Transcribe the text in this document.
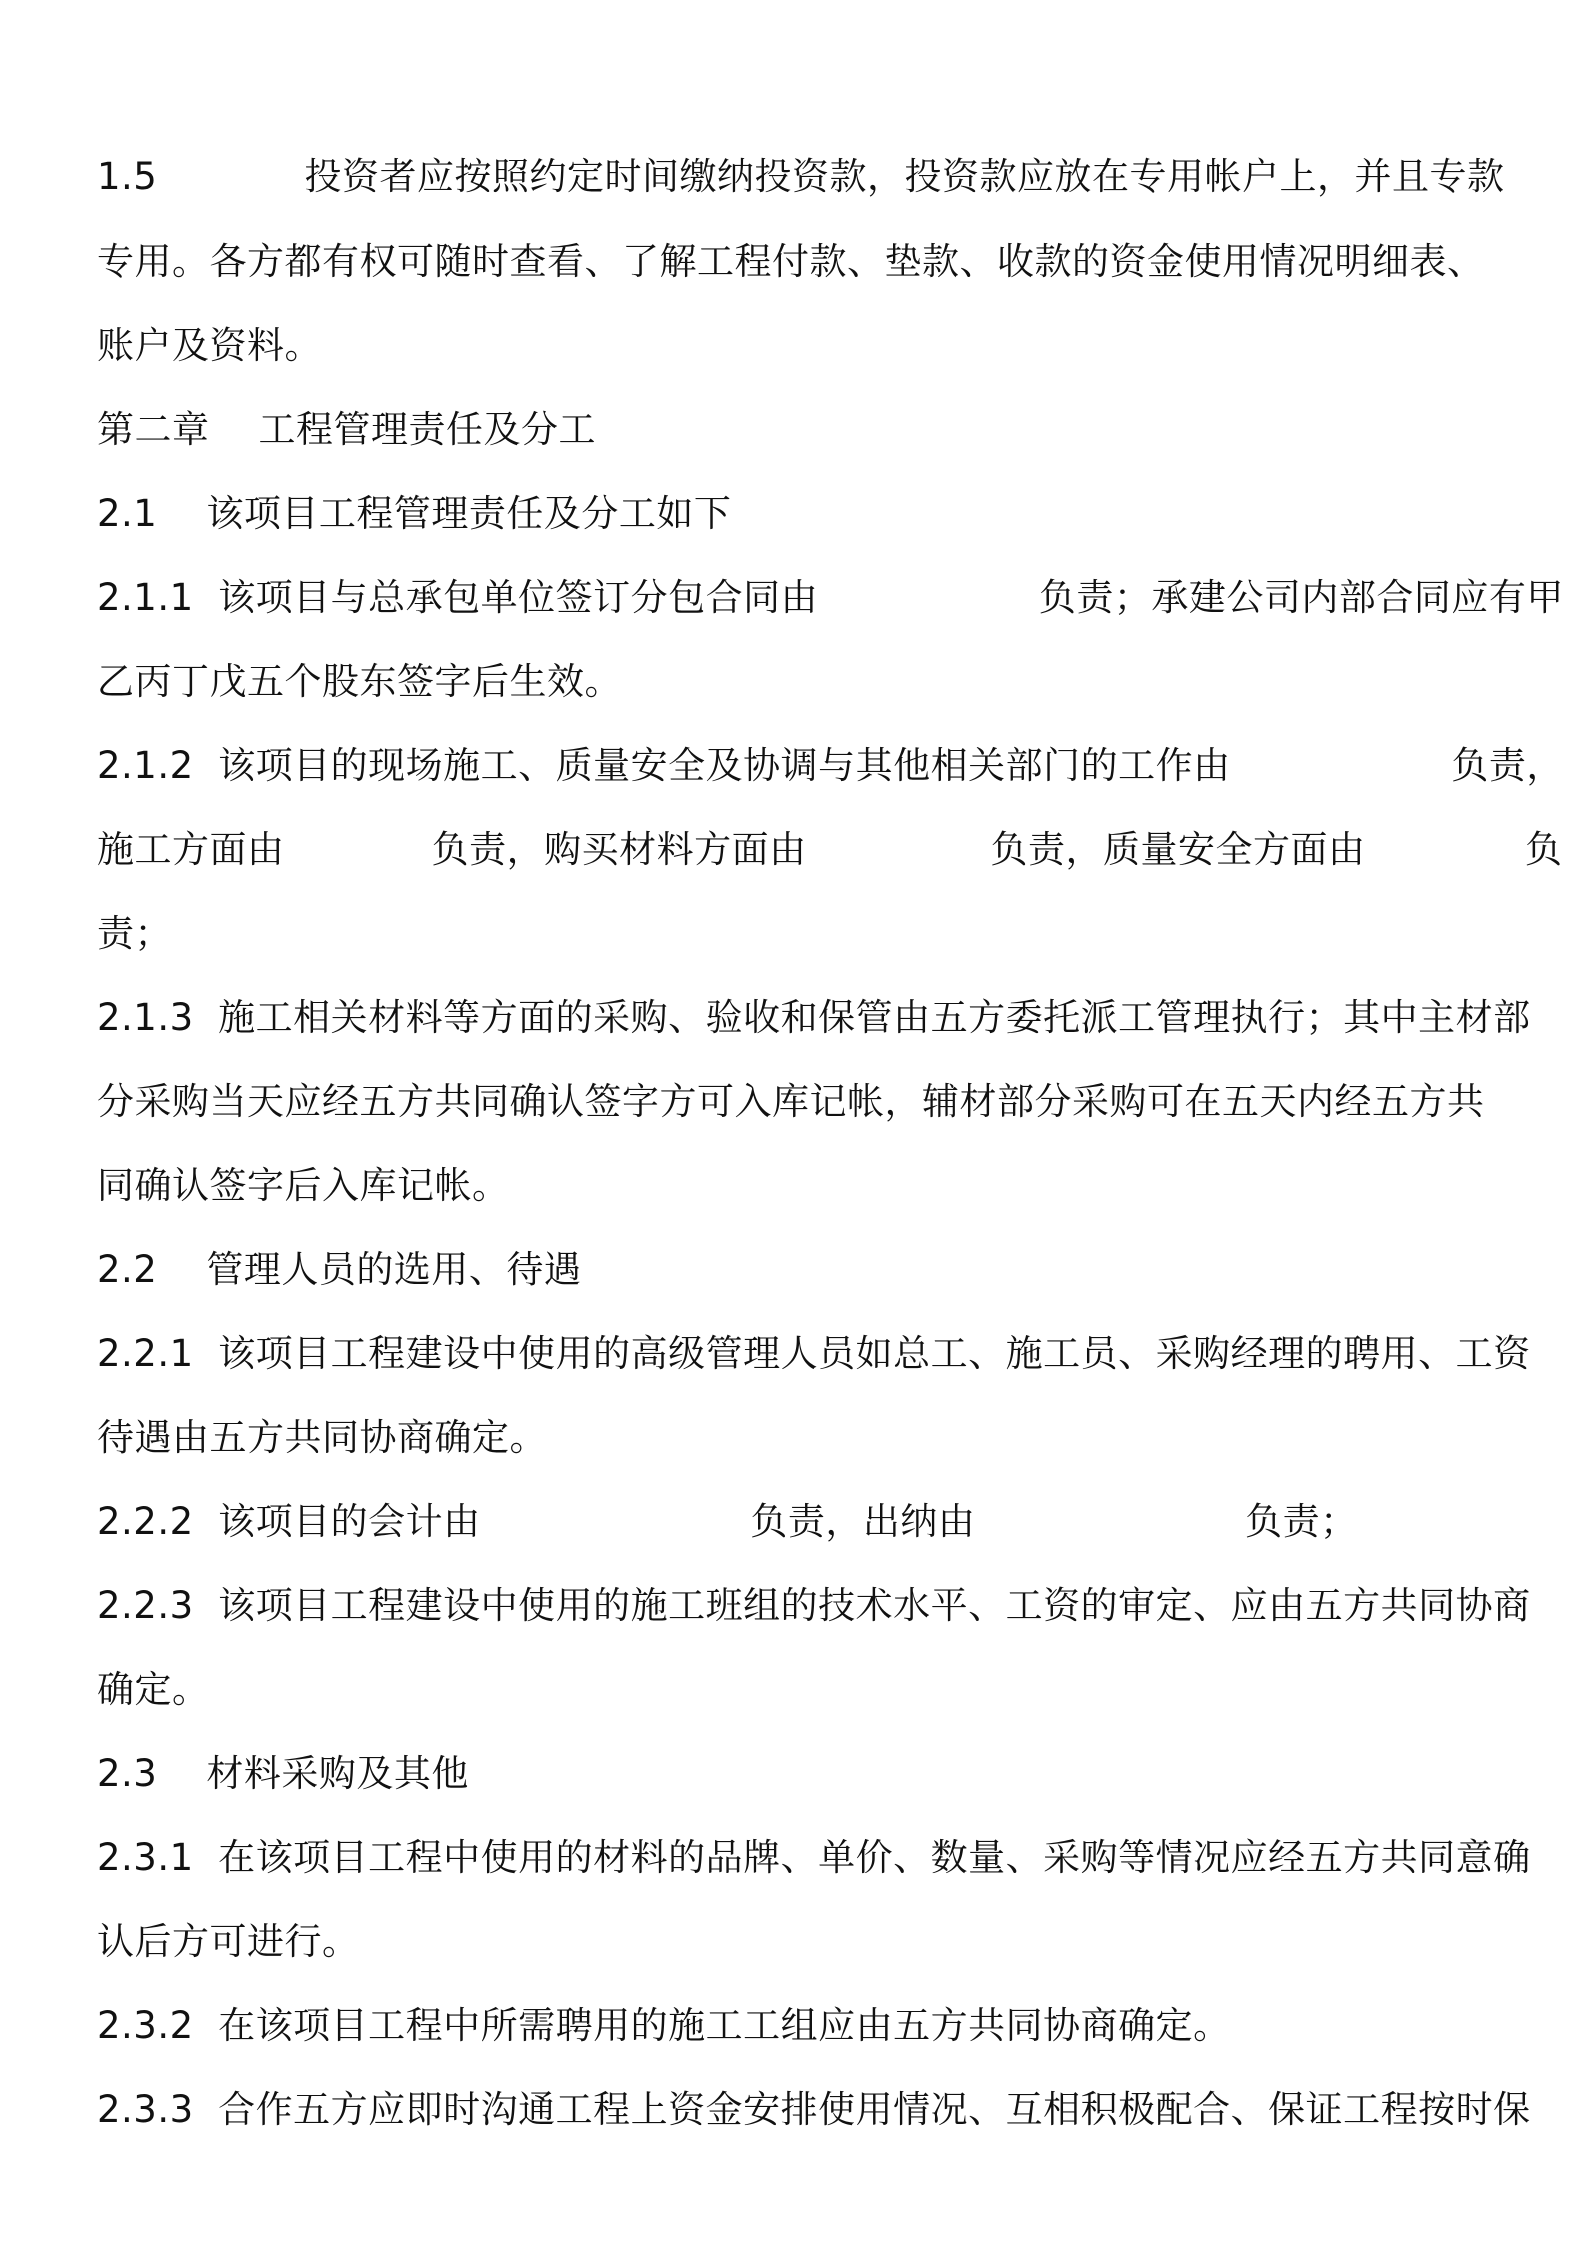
1.5            投资者应按照约定时间缴纳投资款，投资款应放在专用帐户上，并且专款
专用。各方都有权可随时查看、了解工程付款、垫款、收款的资金使用情况明细表、
账户及资料。
第二章    工程管理责任及分工
2.1    该项目工程管理责任及分工如下
2.1.1  该项目与总承包单位签订分包合同由                  负责；承建公司内部合同应有甲
乙丙丁戊五个股东签字后生效。
2.1.2  该项目的现场施工、质量安全及协调与其他相关部门的工作由                  负责，
施工方面由            负责，购买材料方面由               负责，质量安全方面由             负
责；
2.1.3  施工相关材料等方面的采购、验收和保管由五方委托派工管理执行；其中主材部
分采购当天应经五方共同确认签字方可入库记帐，辅材部分采购可在五天内经五方共
同确认签字后入库记帐。
2.2    管理人员的选用、待遇
2.2.1  该项目工程建设中使用的高级管理人员如总工、施工员、采购经理的聘用、工资
待遇由五方共同协商确定。
2.2.2  该项目的会计由                      负责，出纳由                      负责；
2.2.3  该项目工程建设中使用的施工班组的技术水平、工资的审定、应由五方共同协商
确定。
2.3    材料采购及其他
2.3.1  在该项目工程中使用的材料的品牌、单价、数量、采购等情况应经五方共同意确
认后方可进行。
2.3.2  在该项目工程中所需聘用的施工工组应由五方共同协商确定。
2.3.3  合作五方应即时沟通工程上资金安排使用情况、互相积极配合、保证工程按时保
